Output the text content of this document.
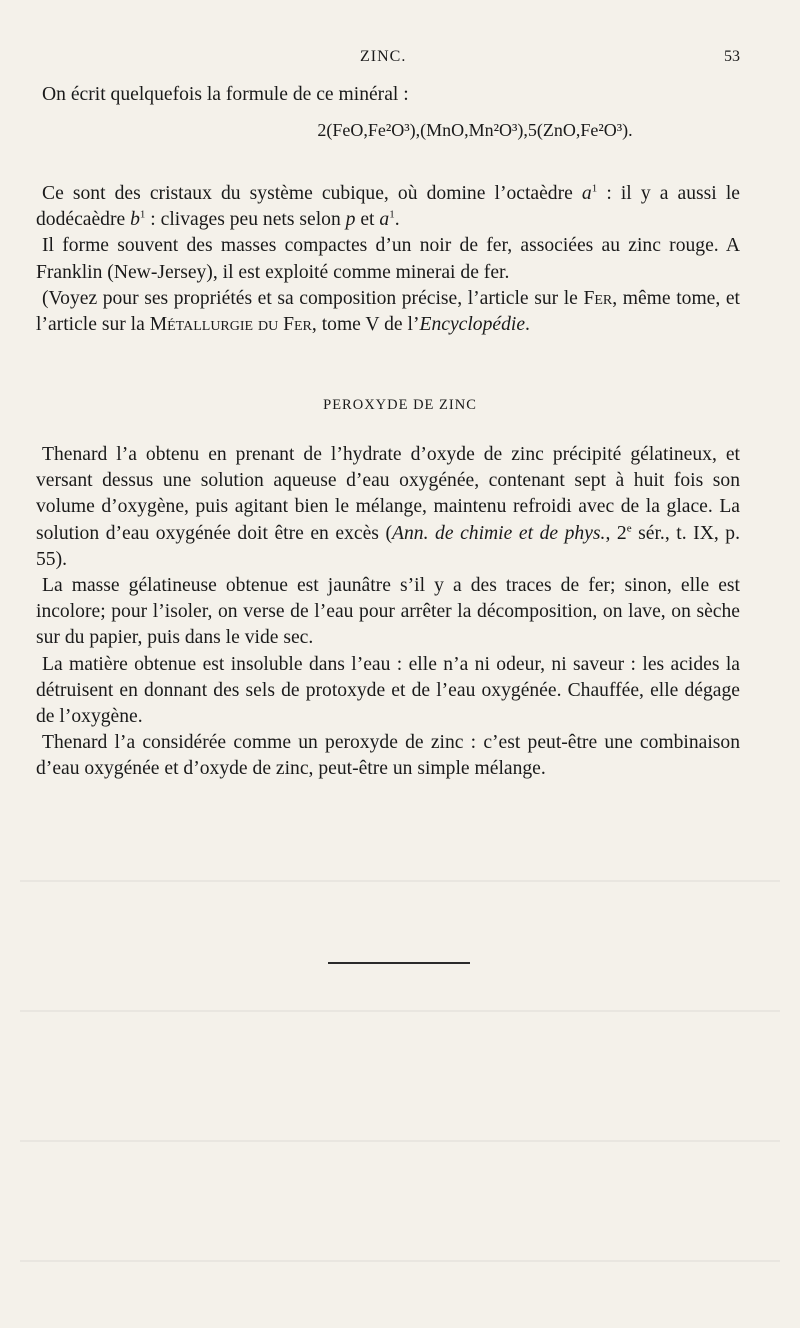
ZINC.	53

On écrit quelquefois la formule de ce minéral :

2(FeO,Fe²O³),(MnO,Mn²O³),5(ZnO,Fe²O³).

Ce sont des cristaux du système cubique, où domine l’octaèdre $a^1$ : il y a aussi le dodécaèdre $b^1$ : clivages peu nets selon p et $a^1$.

Il forme souvent des masses compactes d’un noir de fer, associées au zinc rouge. A Franklin (New-Jersey), il est exploité comme minerai de fer.

(Voyez pour ses propriétés et sa composition précise, l’article sur le Fer, même tome, et l’article sur la Métallurgie du Fer, tome V de l’Encyclopédie.

PEROXYDE DE ZINC

Thenard l’a obtenu en prenant de l’hydrate d’oxyde de zinc précipité gélatineux, et versant dessus une solution aqueuse d’eau oxygénée, contenant sept à huit fois son volume d’oxygène, puis agitant bien le mélange, maintenu refroidi avec de la glace. La solution d’eau oxygénée doit être en excès (Ann. de chimie et de phys., 2e sér., t. IX, p. 55).

La masse gélatineuse obtenue est jaunâtre s’il y a des traces de fer; sinon, elle est incolore; pour l’isoler, on verse de l’eau pour arrêter la décomposition, on lave, on sèche sur du papier, puis dans le vide sec.

La matière obtenue est insoluble dans l’eau : elle n’a ni odeur, ni saveur : les acides la détruisent en donnant des sels de protoxyde et de l’eau oxygénée. Chauffée, elle dégage de l’oxygène.

Thenard l’a considérée comme un peroxyde de zinc : c’est peut-être une combinaison d’eau oxygénée et d’oxyde de zinc, peut-être un simple mélange.
